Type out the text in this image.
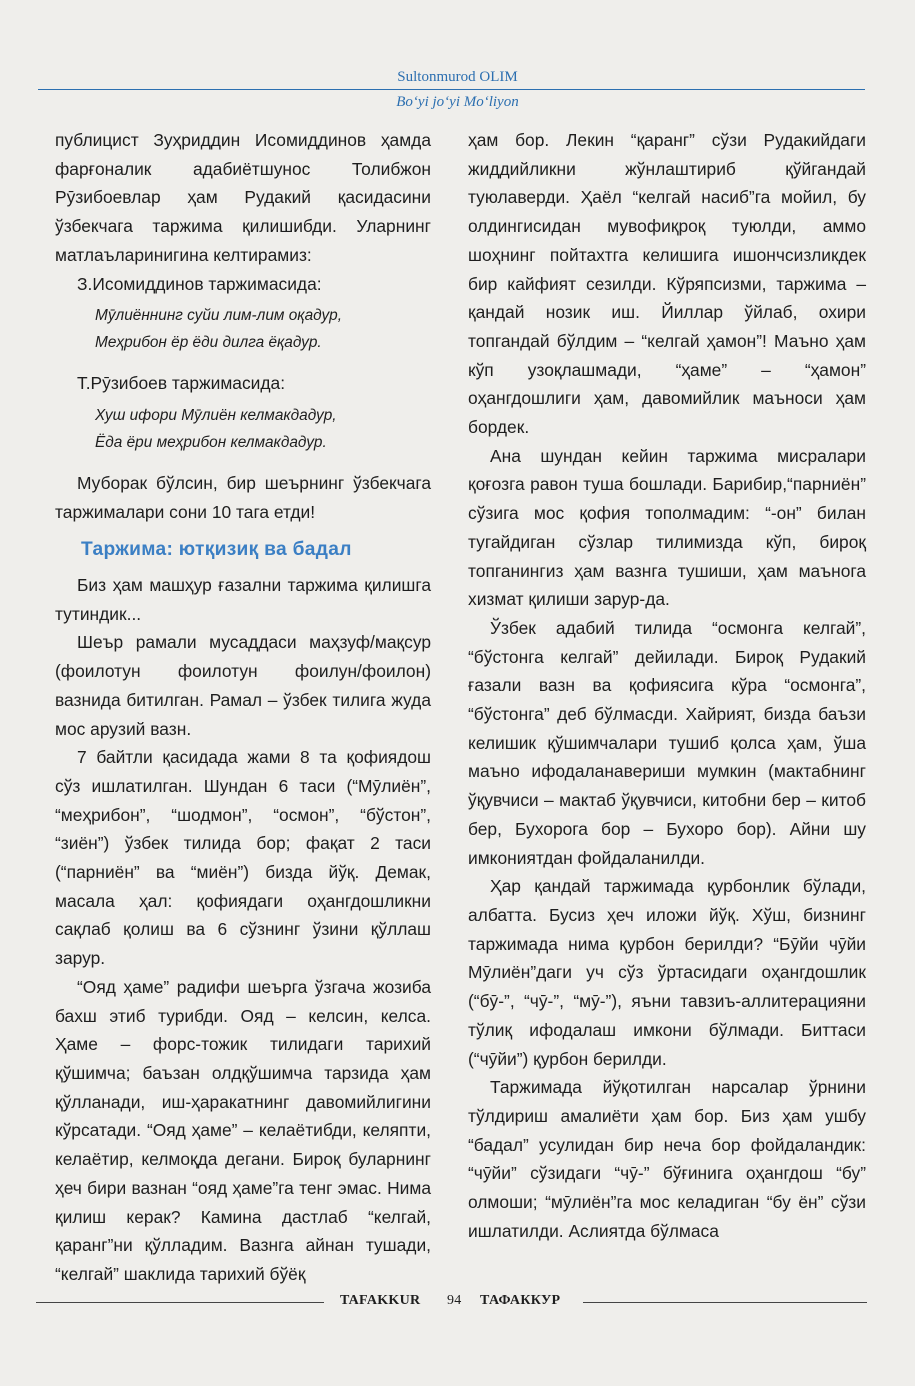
Sultonmurod OLIM
Bo‘yi jo‘yi Mo‘liyon

публицист Зуҳриддин Исомиддинов ҳамда фарғоналик адабиётшунос Толибжон Рӯзибоевлар ҳам Рудакий қасидасини ўзбекчага таржима қилишибди. Уларнинг матлаъларинигина келтирамиз:

З.Исомиддинов таржимасида:

Мӯлиённинг суйи лим-лим оқадур,
Меҳрибон ёр ёди дилга ёқадур.

Т.Рӯзибоев таржимасида:

Хуш ифори Мӯлиён келмакдадур,
Ёда ёри меҳрибон келмакдадур.

Муборак бўлсин, бир шеърнинг ўзбекчага таржималари сони 10 тага етди!

Таржима: ютқизиқ ва бадал

Биз ҳам машҳур ғазални таржима қилишга тутиндик...

Шеър рамали мусаддаси маҳзуф/мақсур (фоилотун фоилотун фоилун/фоилон) вазнида битилган. Рамал – ўзбек тилига жуда мос арузий вазн.

7 байтли қасидада жами 8 та қофиядош сўз ишлатилган. Шундан 6 таси (“Мӯлиён”, “меҳрибон”, “шодмон”, “осмон”, “бўстон”, “зиён”) ўзбек тилида бор; фақат 2 таси (“парниён” ва “миён”) бизда йўқ. Демак, масала ҳал: қофиядаги оҳангдошликни сақлаб қолиш ва 6 сўзнинг ўзини қўллаш зарур.

“Ояд ҳаме” радифи шеърга ўзгача жозиба бахш этиб турибди. Ояд – келсин, келса. Ҳаме – форс-тожик тилидаги тарихий қўшимча; баъзан олдқўшимча тарзида ҳам қўлланади, иш-ҳаракатнинг давомийлигини кўрсатади. “Ояд ҳаме” – келаётибди, келяпти, келаётир, келмоқда дегани. Бироқ буларнинг ҳеч бири вазнан “ояд ҳаме”га тенг эмас. Нима қилиш керак? Камина дастлаб “келгай, қаранг”ни қўлладим. Вазнга айнан тушади, “келгай” шаклида тарихий бўёқ

ҳам бор. Лекин “қаранг” сўзи Рудакийдаги жиддийликни жўнлаштириб қўйгандай туюлаверди. Ҳаёл “келгай насиб”га мойил, бу олдингисидан мувофиқроқ туюлди, аммо шоҳнинг пойтахтга келишига ишончсизликдек бир кайфият сезилди. Кўряпсизми, таржима – қандай нозик иш. Йиллар ўйлаб, охири топгандай бўлдим – “келгай ҳамон”! Маъно ҳам кўп узоқлашмади, “ҳаме” – “ҳамон” оҳангдошлиги ҳам, давомийлик маъноси ҳам бордек.

Ана шундан кейин таржима мисралари қоғозга равон туша бошлади. Барибир,“парниён” сўзига мос қофия тополмадим: “-он” билан тугайдиган сўзлар тилимизда кўп, бироқ топганингиз ҳам вазнга тушиши, ҳам маънога хизмат қилиши зарур-да.

Ўзбек адабий тилида “осмонга келгай”, “бўстонга келгай” дейилади. Бироқ Рудакий ғазали вазн ва қофиясига кўра “осмонга”, “бўстонга” деб бўлмасди. Хайрият, бизда баъзи келишик қўшимчалари тушиб қолса ҳам, ўша маъно ифодаланавериши мумкин (мактабнинг ўқувчиси – мактаб ўқувчиси, китобни бер – китоб бер, Бухорога бор – Бухоро бор). Айни шу имкониятдан фойдаланилди.

Ҳар қандай таржимада қурбонлик бўлади, албатта. Бусиз ҳеч иложи йўқ. Хўш, бизнинг таржимада нима қурбон берилди? “Бӯйи чӯйи Мӯлиён”даги уч сўз ўртасидаги оҳангдошлик (“бӯ-”, “чӯ-”, “мӯ-”), яъни тавзиъ-аллитерацияни тўлиқ ифодалаш имкони бўлмади. Биттаси (“чӯйи”) қурбон берилди.

Таржимада йўқотилган нарсалар ўрнини тўлдириш амалиёти ҳам бор. Биз ҳам ушбу “бадал” усулидан бир неча бор фойдаландик: “чӯйи” сўзидаги “чӯ-” бўғинига оҳангдош “бу” олмоши; “мӯлиён”га мос келадиган “бу ён” сўзи ишлатилди. Аслиятда бўлмаса

TAFAKKUR 94 ТАФАККУР
